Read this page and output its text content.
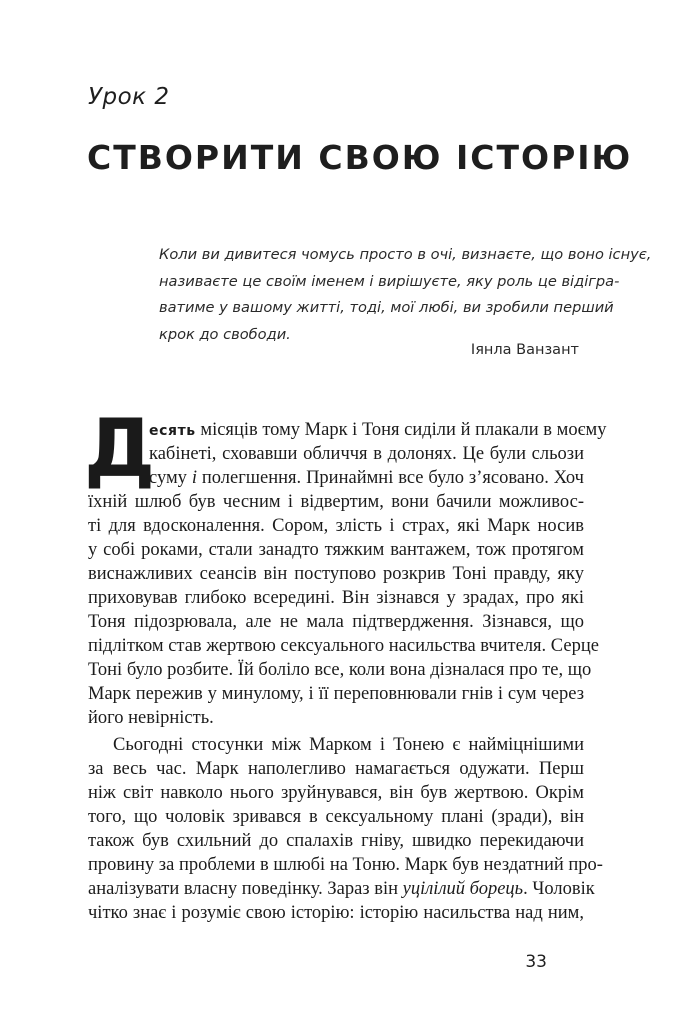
Урок 2
СТВОРИТИ СВОЮ ІСТОРІЮ
Коли ви дивитеся чомусь просто в очі, визнаєте, що воно існує,
називаєте це своїм іменем і вирішуєте, яку роль це відігра-
ватиме у вашому житті, тоді, мої любі, ви зробили перший
крок до свободи.
Іянла Ванзант
Д
есять місяців тому Марк і Тоня сиділи й плакали в моєму
кабінеті, сховавши обличчя в долонях. Це були сльози
суму і полегшення. Принаймні все було з’ясовано. Хоч
їхній шлюб був чесним і відвертим, вони бачили можливос-
ті для вдосконалення. Сором, злість і страх, які Марк носив
у собі роками, стали занадто тяжким вантажем, тож протягом
виснажливих сеансів він поступово розкрив Тоні правду, яку
приховував глибоко всередині. Він зізнався у зрадах, про які
Тоня підозрювала, але не мала підтвердження. Зізнався, що
підлітком став жертвою сексуального насильства вчителя. Серце
Тоні було розбите. Їй боліло все, коли вона дізналася про те, що
Марк пережив у минулому, і її переповнювали гнів і сум через
його невірність.
Сьогодні стосунки між Марком і Тонею є найміцнішими
за весь час. Марк наполегливо намагається одужати. Перш
ніж світ навколо нього зруйнувався, він був жертвою. Окрім
того, що чоловік зривався в сексуальному плані (зради), він
також був схильний до спалахів гніву, швидко перекидаючи
провину за проблеми в шлюбі на Тоню. Марк був нездатний про-
аналізувати власну поведінку. Зараз він уцілілий борець. Чоловік
чітко знає і розуміє свою історію: історію насильства над ним,
33
